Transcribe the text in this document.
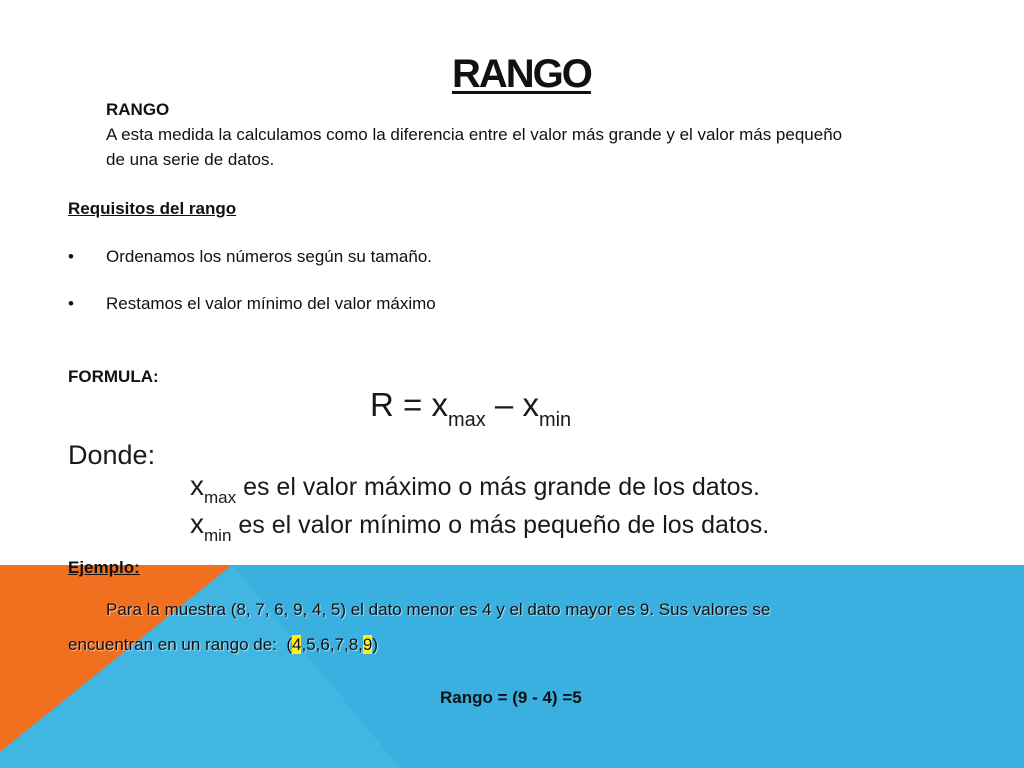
RANGO
RANGO
A esta medida la calculamos como la diferencia entre el valor más grande y el valor más pequeño
de una serie de datos.
Requisitos del rango
• Ordenamos los números según su tamaño.
• Restamos el valor mínimo del valor máximo
FORMULA:
$R = x_{max} - x_{min}$
Donde:
$x_{max}$ es el valor máximo o más grande de los datos.
$x_{min}$ es el valor mínimo o más pequeño de los datos.
Ejemplo:
Para la muestra (8, 7, 6, 9, 4, 5) el dato menor es 4 y el dato mayor es 9. Sus valores se
encuentran en un rango de:  (4,5,6,7,8,9)
Rango = (9 - 4) =5
